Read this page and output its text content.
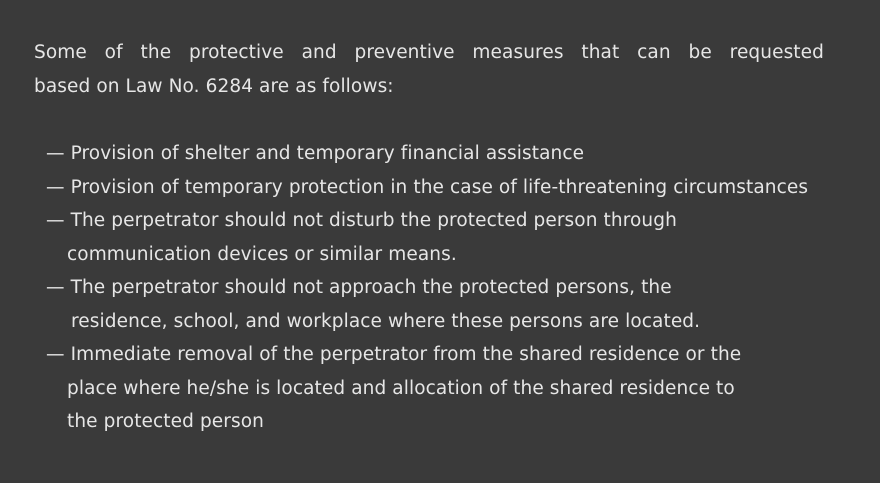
Some of the protective and preventive measures that can be requested
based on Law No. 6284 are as follows:

— Provision of shelter and temporary financial assistance
— Provision of temporary protection in the case of life-threatening circumstances
— The perpetrator should not disturb the protected person through
communication devices or similar means.
— The perpetrator should not approach the protected persons, the
residence, school, and workplace where these persons are located.
— Immediate removal of the perpetrator from the shared residence or the
place where he/she is located and allocation of the shared residence to
the protected person
